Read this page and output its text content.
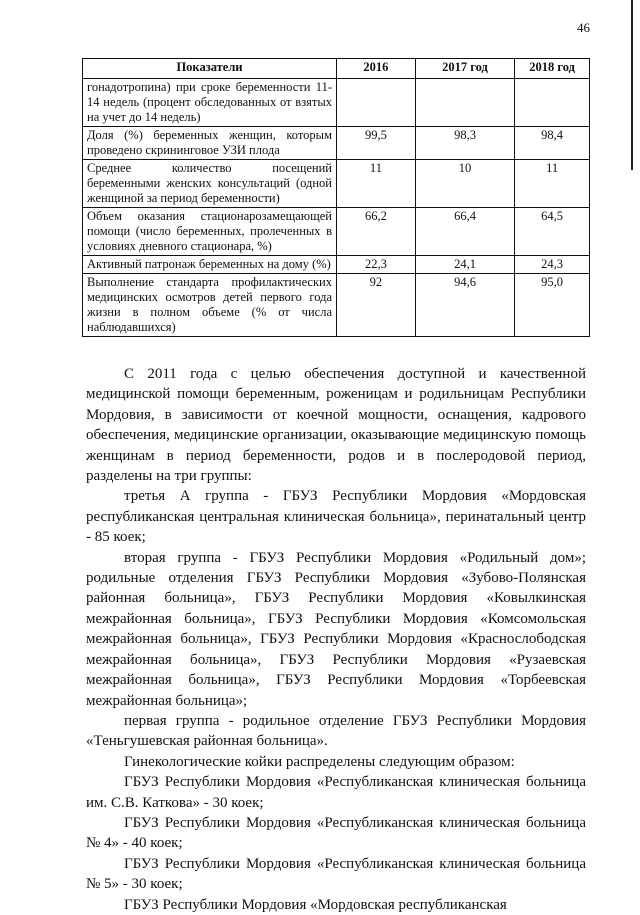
46
Показатели	2016	2017 год	2018 год
гонадотропина) при сроке беременности 11-14 недель (процент обследованных от взятых на учет до 14 недель)			
Доля (%) беременных женщин, которым проведено скрининговое УЗИ плода	99,5	98,3	98,4
Среднее количество посещений беременными женских консультаций (одной женщиной за период беременности)	11	10	11
Объем оказания стационарозамещающей помощи (число беременных, пролеченных в условиях дневного стационара, %)	66,2	66,4	64,5
Активный патронаж беременных на дому (%)	22,3	24,1	24,3
Выполнение стандарта профилактических медицинских осмотров детей первого года жизни в полном объеме (% от числа наблюдавшихся)	92	94,6	95,0

С 2011 года с целью обеспечения доступной и качественной медицинской помощи беременным, роженицам и родильницам Республики Мордовия, в зависимости от коечной мощности, оснащения, кадрового обеспечения, медицинские организации, оказывающие медицинскую помощь женщинам в период беременности, родов и в послеродовой период, разделены на три группы:

третья А группа - ГБУЗ Республики Мордовия «Мордовская республиканская центральная клиническая больница», перинатальный центр - 85 коек;

вторая группа - ГБУЗ Республики Мордовия «Родильный дом»; родильные отделения ГБУЗ Республики Мордовия «Зубово-Полянская районная больница», ГБУЗ Республики Мордовия «Ковылкинская межрайонная больница», ГБУЗ Республики Мордовия «Комсомольская межрайонная больница», ГБУЗ Республики Мордовия «Краснослободская межрайонная больница», ГБУЗ Республики Мордовия «Рузаевская межрайонная больница», ГБУЗ Республики Мордовия «Торбеевская межрайонная больница»;

первая группа - родильное отделение ГБУЗ Республики Мордовия «Теньгушевская районная больница».

Гинекологические койки распределены следующим образом:

ГБУЗ Республики Мордовия «Республиканская клиническая больница им. С.В. Каткова» - 30 коек;

ГБУЗ Республики Мордовия «Республиканская клиническая больница № 4» - 40 коек;

ГБУЗ Республики Мордовия «Республиканская клиническая больница № 5» - 30 коек;

ГБУЗ Республики Мордовия «Мордовская республиканская
